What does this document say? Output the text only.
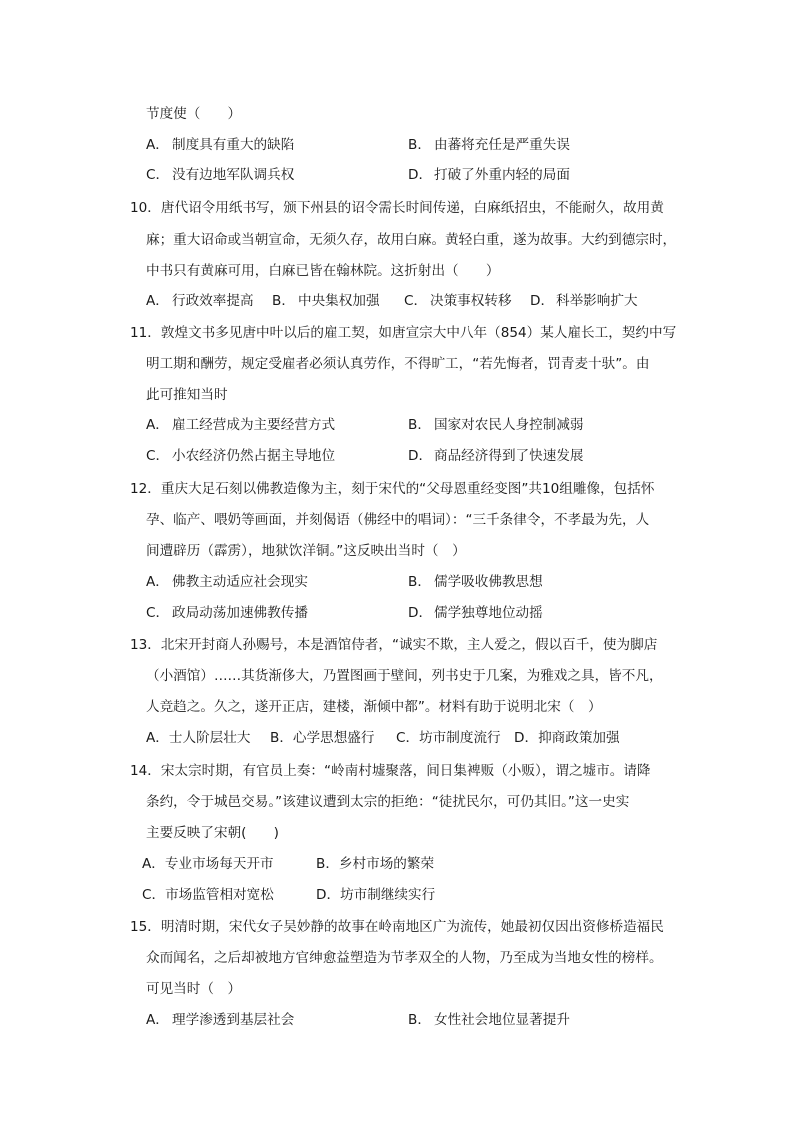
节度使（　　）
A． 制度具有重大的缺陷	B． 由蕃将充任是严重失误
C． 没有边地军队调兵权	D． 打破了外重内轻的局面
10．唐代诏令用纸书写，颁下州县的诏令需长时间传递，白麻纸招虫，不能耐久，故用黄
麻；重大诏命或当朝宣命，无须久存，故用白麻。黄轻白重，遂为故事。大约到德宗时，
中书只有黄麻可用，白麻已皆在翰林院。这折射出（　　）
A． 行政效率提高 B． 中央集权加强 C． 决策事权转移 D． 科举影响扩大
11．敦煌文书多见唐中叶以后的雇工契，如唐宣宗大中八年（854）某人雇长工，契约中写
明工期和酬劳，规定受雇者必须认真劳作，不得旷工，“若先悔者，罚青麦十驮”。由
此可推知当时
A． 雇工经营成为主要经营方式	B． 国家对农民人身控制减弱
C． 小农经济仍然占据主导地位	D． 商品经济得到了快速发展
12．重庆大足石刻以佛教造像为主，刻于宋代的“父母恩重经变图”共10组雕像，包括怀
孕、临产、喂奶等画面，并刻偈语（佛经中的唱词）：“三千条律令，不孝最为先，人
间遭辟历（霹雳），地狱饮洋铜。”这反映出当时（　）
A． 佛教主动适应社会现实	B． 儒学吸收佛教思想
C． 政局动荡加速佛教传播	D． 儒学独尊地位动摇
13．北宋开封商人孙赐号，本是酒馆侍者，“诚实不欺，主人爱之，假以百千，使为脚店
（小酒馆）……其货渐侈大，乃置图画于壁间，列书史于几案，为雅戏之具，皆不凡，
人竞趋之。久之，遂开正店，建楼，渐倾中都”。材料有助于说明北宋（　）
A．士人阶层壮大 B．心学思想盛行 C．坊市制度流行 D．抑商政策加强
14．宋太宗时期，有官员上奏：“岭南村墟聚落，间日集裨贩（小贩），谓之墟市。请降
条约，令于城邑交易。”该建议遭到太宗的拒绝：“徒扰民尔，可仍其旧。”这一史实
主要反映了宋朝(　　)
A．专业市场每天开市	B．乡村市场的繁荣
C．市场监管相对宽松	D．坊市制继续实行
15．明清时期，宋代女子吴妙静的故事在岭南地区广为流传，她最初仅因出资修桥造福民
众而闻名，之后却被地方官绅愈益塑造为节孝双全的人物，乃至成为当地女性的榜样。
可见当时（　）
A． 理学渗透到基层社会	B． 女性社会地位显著提升
